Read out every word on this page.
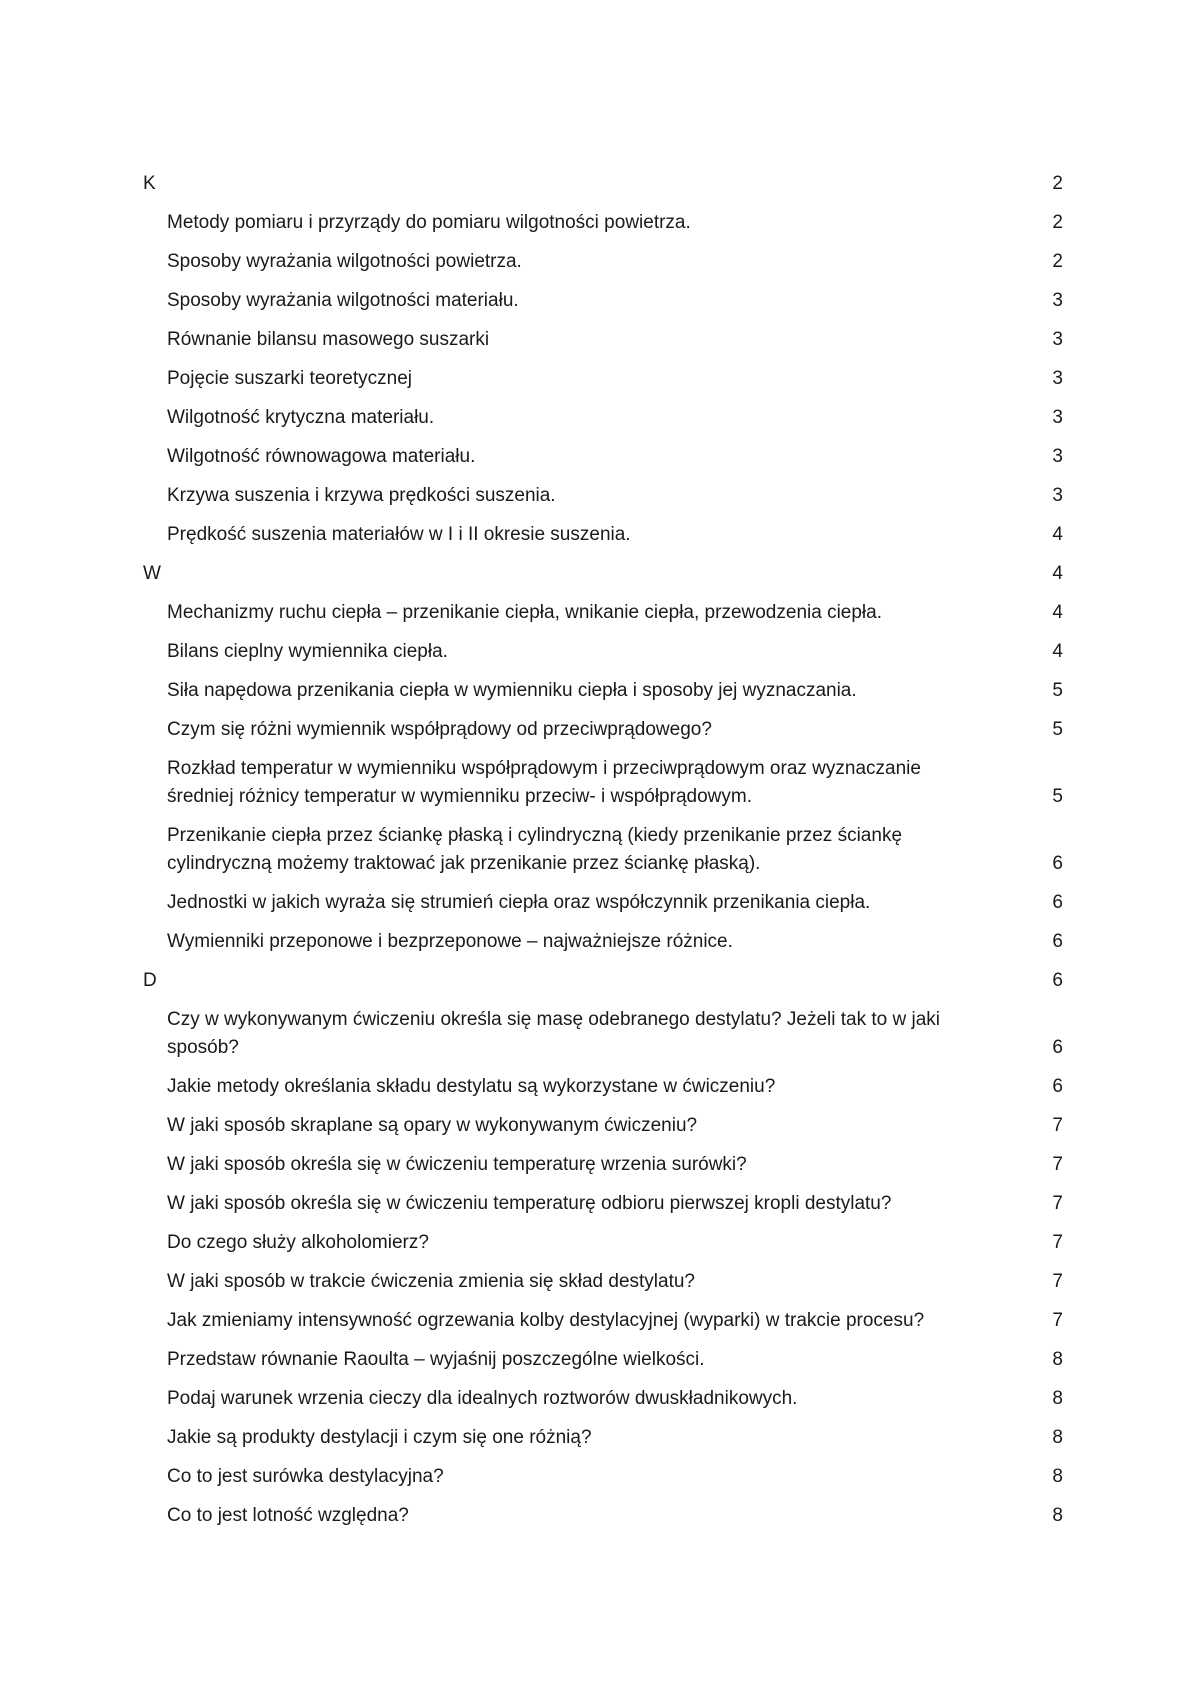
K	2
Metody pomiaru i przyrządy do pomiaru wilgotności powietrza.	2
Sposoby wyrażania wilgotności powietrza.	2
Sposoby wyrażania wilgotności materiału.	3
Równanie bilansu masowego suszarki	3
Pojęcie suszarki teoretycznej	3
Wilgotność krytyczna materiału.	3
Wilgotność równowagowa materiału.	3
Krzywa suszenia i krzywa prędkości suszenia.	3
Prędkość suszenia materiałów w I i II okresie suszenia.	4
W	4
Mechanizmy ruchu ciepła – przenikanie ciepła, wnikanie ciepła, przewodzenia ciepła.	4
Bilans cieplny wymiennika ciepła.	4
Siła napędowa przenikania ciepła w wymienniku ciepła i sposoby jej wyznaczania.	5
Czym się różni wymiennik współprądowy od przeciwprądowego?	5
Rozkład temperatur w wymienniku współprądowym i przeciwprądowym oraz wyznaczanie średniej różnicy temperatur w wymienniku przeciw- i współprądowym.	5
Przenikanie ciepła przez ściankę płaską i cylindryczną (kiedy przenikanie przez ściankę cylindryczną możemy traktować jak przenikanie przez ściankę płaską).	6
Jednostki w jakich wyraża się strumień ciepła oraz współczynnik przenikania ciepła.	6
Wymienniki przeponowe i bezprzeponowe – najważniejsze różnice.	6
D	6
Czy w wykonywanym ćwiczeniu określa się masę odebranego destylatu? Jeżeli tak to w jaki sposób?	6
Jakie metody określania składu destylatu są wykorzystane w ćwiczeniu?	6
W jaki sposób skraplane są opary w wykonywanym ćwiczeniu?	7
W jaki sposób określa się w ćwiczeniu temperaturę wrzenia surówki?	7
W jaki sposób określa się w ćwiczeniu temperaturę odbioru pierwszej kropli destylatu?	7
Do czego służy alkoholomierz?	7
W jaki sposób w trakcie ćwiczenia zmienia się skład destylatu?	7
Jak zmieniamy intensywność ogrzewania kolby destylacyjnej (wyparki) w trakcie procesu?	7
Przedstaw równanie Raoulta – wyjaśnij poszczególne wielkości.	8
Podaj warunek wrzenia cieczy dla idealnych roztworów dwuskładnikowych.	8
Jakie są produkty destylacji i czym się one różnią?	8
Co to jest surówka destylacyjna?	8
Co to jest lotność względna?	8
